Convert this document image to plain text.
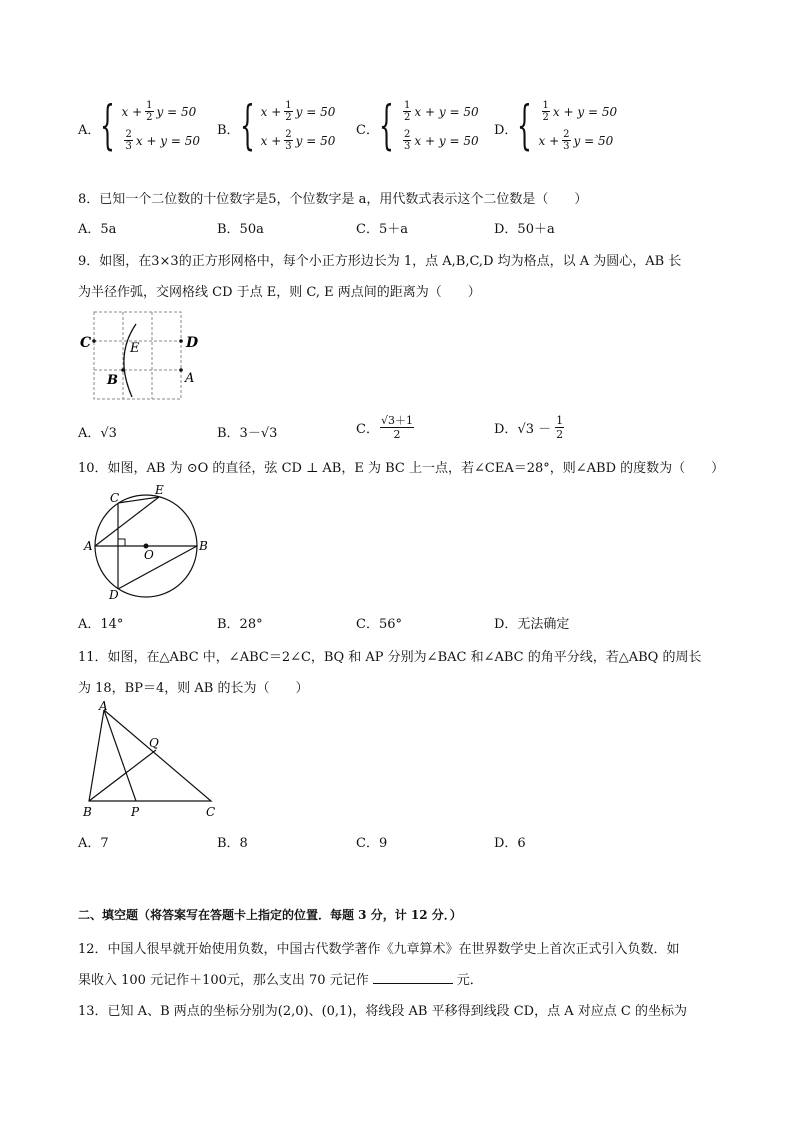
A． { $x + \frac{1}{2}$ y = 50
$\frac{2}{3}$ x + y = 50
B． { $x + \frac{1}{2}$ y = 50
$x + \frac{2}{3}$ y = 50
C． { $\frac{1}{2}$ x + y = 50
$\frac{2}{3}$ x + y = 50
D． { $\frac{1}{2}$ x + y = 50
$x + \frac{2}{3}$ y = 50
8．已知一个二位数的十位数字是5，个位数字是 a，用代数式表示这个二位数是（　　）
A．5a	B．50a	C．5＋a	D．50＋a
9．如图，在3×3的正方形网格中，每个小正方形边长为 1，点 A,B,C,D 均为格点，以 A 为圆心，AB 长
为半径作弧，交网格线 CD 于点 E，则 C, E 两点间的距离为（　　）
C	E	D
B	A
A．√3	B．3－√3	C． $\frac{√3+1}{2}$	D． $√3 - \frac{1}{2}$
10．如图，AB 为 ⊙O 的直径，弦 CD ⊥ AB，E 为 BC 上一点，若∠CEA＝28°，则∠ABD 的度数为（　　）
A	B
C
E
D
O
A．14°	B．28°	C．56°	D．无法确定
11．如图，在△ABC 中，∠ABC＝2∠C，BQ 和 AP 分别为∠BAC 和∠ABC 的角平分线，若△ABQ 的周长
为 18，BP＝4，则 AB 的长为（　　）
A
Q
B	P	C
A．7	B．8	C．9	D．6
二、填空题（将答案写在答题卡上指定的位置．每题 3 分，计 12 分．）
12．中国人很早就开始使用负数，中国古代数学著作《九章算术》在世界数学史上首次正式引入负数．如
果收入 100 元记作＋100元，那么支出 70 元记作	元．
13．已知 A、B 两点的坐标分别为(2,0)、(0,1)，将线段 AB 平移得到线段 CD，点 A 对应点 C 的坐标为
